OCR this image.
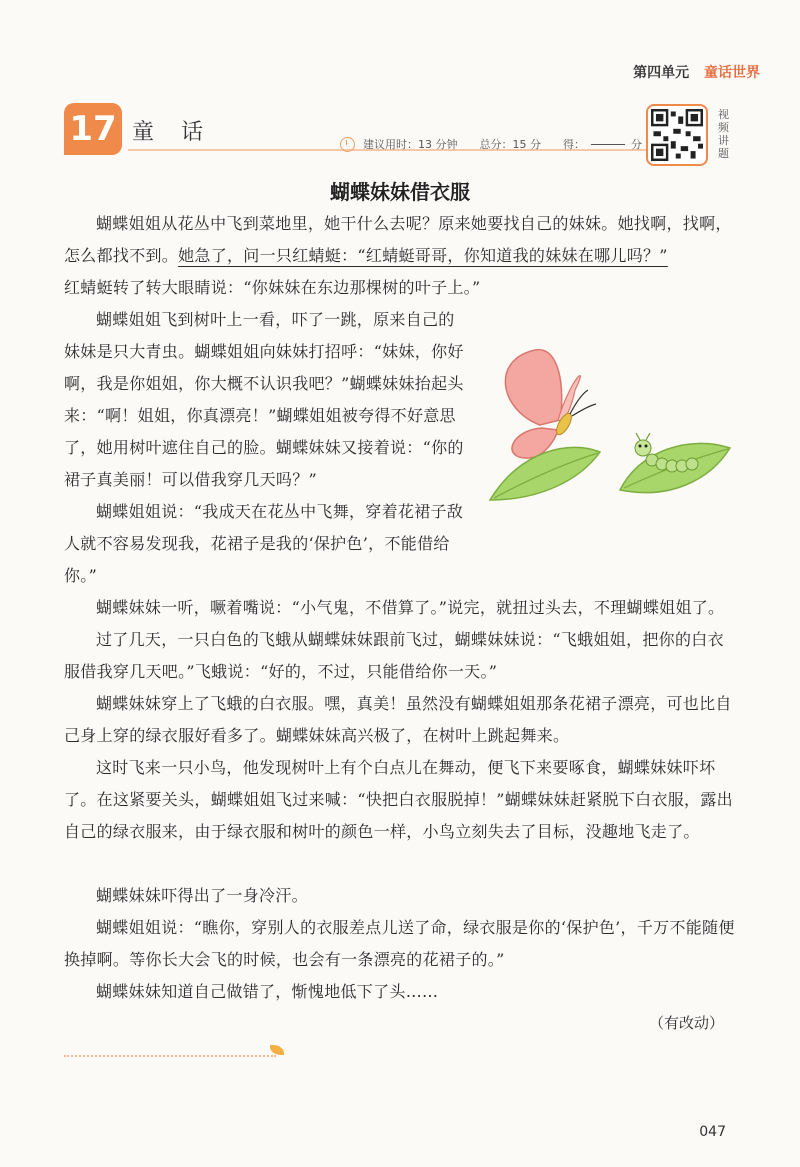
第四单元 童话世界
17 童 话	建议用时：13 分钟 总分：15 分 得：	分
视频讲题
蝴蝶妹妹借衣服

蝴蝶姐姐从花丛中飞到菜地里，她干什么去呢？原来她要找自己的妹妹。她找啊，找啊，怎么都找不到。她急了，问一只红蜻蜓：“红蜻蜓哥哥，你知道我的妹妹在哪儿吗？”

红蜻蜓转了转大眼睛说：“你妹妹在东边那棵树的叶子上。”

蝴蝶姐姐飞到树叶上一看，吓了一跳，原来自己的妹妹是只大青虫。蝴蝶姐姐向妹妹打招呼：“妹妹，你好啊，我是你姐姐，你大概不认识我吧？”蝴蝶妹妹抬起头来：“啊！姐姐，你真漂亮！”蝴蝶姐姐被夸得不好意思了，她用树叶遮住自己的脸。蝴蝶妹妹又接着说：“你的裙子真美丽！可以借我穿几天吗？”

蝴蝶姐姐说：“我成天在花丛中飞舞，穿着花裙子敌人就不容易发现我，花裙子是我的‘保护色’，不能借给你。”

蝴蝶妹妹一听，噘着嘴说：“小气鬼，不借算了。”说完，就扭过头去，不理蝴蝶姐姐了。

过了几天，一只白色的飞蛾从蝴蝶妹妹跟前飞过，蝴蝶妹妹说：“飞蛾姐姐，把你的白衣服借我穿几天吧。”飞蛾说：“好的，不过，只能借给你一天。”

蝴蝶妹妹穿上了飞蛾的白衣服。嘿，真美！虽然没有蝴蝶姐姐那条花裙子漂亮，可也比自己身上穿的绿衣服好看多了。蝴蝶妹妹高兴极了，在树叶上跳起舞来。

这时飞来一只小鸟，他发现树叶上有个白点儿在舞动，便飞下来要啄食，蝴蝶妹妹吓坏了。在这紧要关头，蝴蝶姐姐飞过来喊：“快把白衣服脱掉！”蝴蝶妹妹赶紧脱下白衣服，露出自己的绿衣服来，由于绿衣服和树叶的颜色一样，小鸟立刻失去了目标，没趣地飞走了。

蝴蝶妹妹吓得出了一身冷汗。

蝴蝶姐姐说：“瞧你，穿别人的衣服差点儿送了命，绿衣服是你的‘保护色’，千万不能随便换掉啊。等你长大会飞的时候，也会有一条漂亮的花裙子的。”

蝴蝶妹妹知道自己做错了，惭愧地低下了头……

（有改动）
047
